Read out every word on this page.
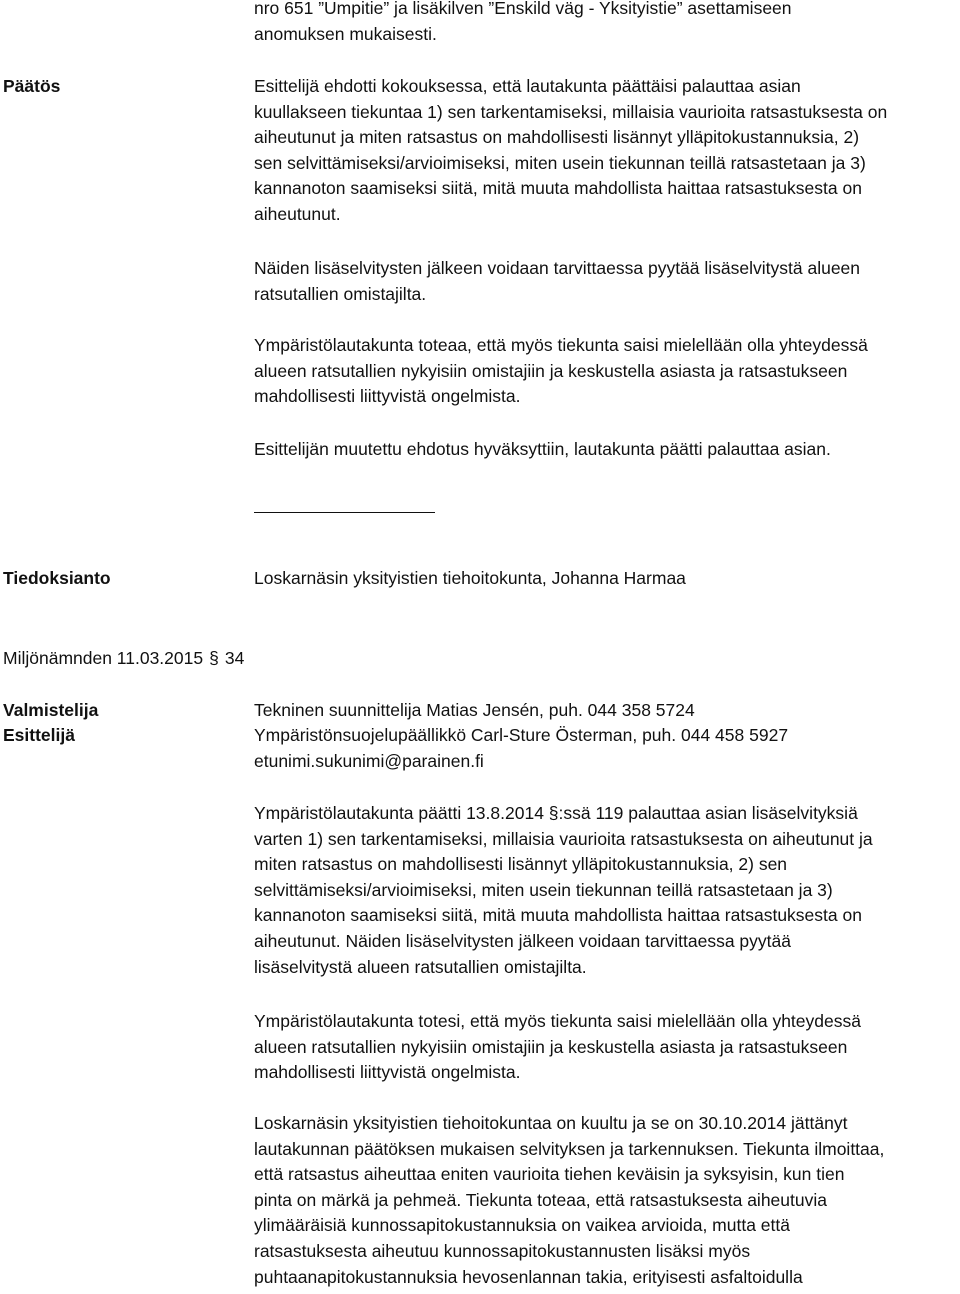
nro 651 ”Umpitie” ja lisäkilven ”Enskild väg - Yksityistie” asettamiseen
anomuksen mukaisesti.
Päätös	Esittelijä ehdotti kokouksessa, että lautakunta päättäisi palauttaa asian
kuullakseen tiekuntaa 1) sen tarkentamiseksi, millaisia vaurioita ratsastuksesta on
aiheutunut ja miten ratsastus on mahdollisesti lisännyt ylläpitokustannuksia, 2)
sen selvittämiseksi/arvioimiseksi, miten usein tiekunnan teillä ratsastetaan ja 3)
kannanoton saamiseksi siitä, mitä muuta mahdollista haittaa ratsastuksesta on
aiheutunut.
Näiden lisäselvitysten jälkeen voidaan tarvittaessa pyytää lisäselvitystä alueen
ratsutallien omistajilta.
Ympäristölautakunta toteaa, että myös tiekunta saisi mielellään olla yhteydessä
alueen ratsutallien nykyisiin omistajiin ja keskustella asiasta ja ratsastukseen
mahdollisesti liittyvistä ongelmista.
Esittelijän muutettu ehdotus hyväksyttiin, lautakunta päätti palauttaa asian.
Tiedoksianto	Loskarnäsin yksityistien tiehoitokunta, Johanna Harmaa
Miljönämnden 11.03.2015 § 34
Valmistelija	Tekninen suunnittelija Matias Jensén, puh. 044 358 5724
Esittelijä	Ympäristönsuojelupäällikkö Carl-Sture Österman, puh. 044 458 5927
etunimi.sukunimi@parainen.fi
Ympäristölautakunta päätti 13.8.2014 §:ssä 119 palauttaa asian lisäselvityksiä
varten 1) sen tarkentamiseksi, millaisia vaurioita ratsastuksesta on aiheutunut ja
miten ratsastus on mahdollisesti lisännyt ylläpitokustannuksia, 2) sen
selvittämiseksi/arvioimiseksi, miten usein tiekunnan teillä ratsastetaan ja 3)
kannanoton saamiseksi siitä, mitä muuta mahdollista haittaa ratsastuksesta on
aiheutunut. Näiden lisäselvitysten jälkeen voidaan tarvittaessa pyytää
lisäselvitystä alueen ratsutallien omistajilta.
Ympäristölautakunta totesi, että myös tiekunta saisi mielellään olla yhteydessä
alueen ratsutallien nykyisiin omistajiin ja keskustella asiasta ja ratsastukseen
mahdollisesti liittyvistä ongelmista.
Loskarnäsin yksityistien tiehoitokuntaa on kuultu ja se on 30.10.2014 jättänyt
lautakunnan päätöksen mukaisen selvityksen ja tarkennuksen. Tiekunta ilmoittaa,
että ratsastus aiheuttaa eniten vaurioita tiehen keväisin ja syksyisin, kun tien
pinta on märkä ja pehmeä. Tiekunta toteaa, että ratsastuksesta aiheutuvia
ylimääräisiä kunnossapitokustannuksia on vaikea arvioida, mutta että
ratsastuksesta aiheutuu kunnossapitokustannusten lisäksi myös
puhtaanapitokustannuksia hevosenlannan takia, erityisesti asfaltoidulla
